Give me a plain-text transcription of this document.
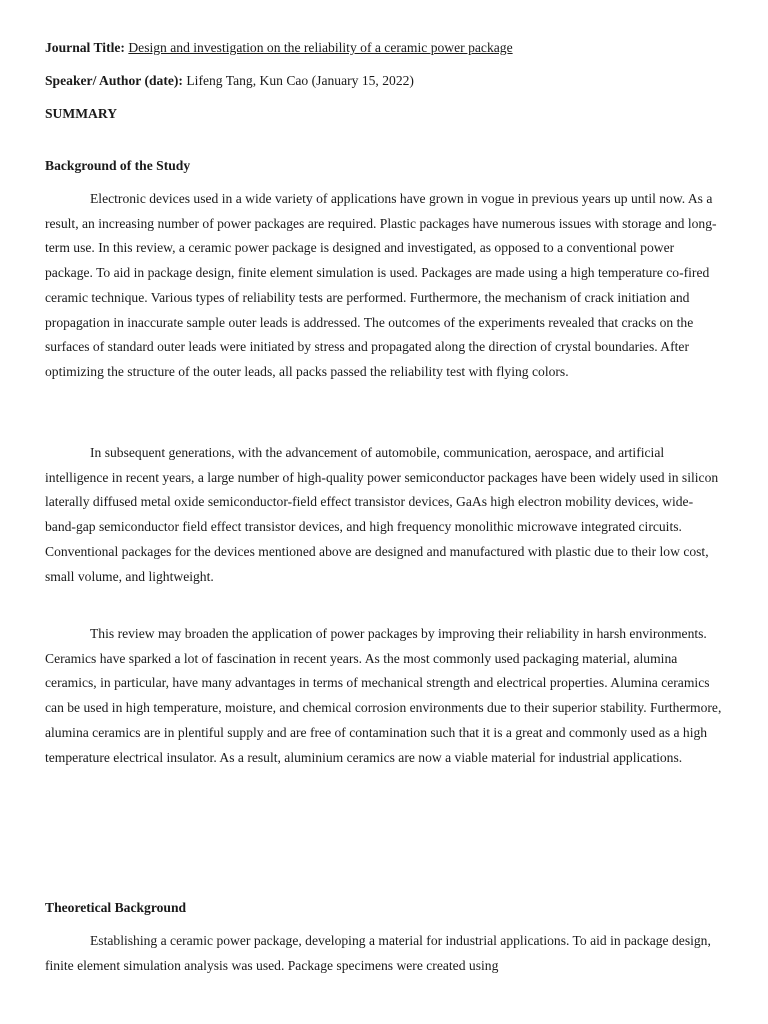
Journal Title: Design and investigation on the reliability of a ceramic power package
Speaker/ Author (date): Lifeng Tang, Kun Cao (January 15, 2022)
SUMMARY
Background of the Study

Electronic devices used in a wide variety of applications have grown in vogue in previous years up until now. As a result, an increasing number of power packages are required. Plastic packages have numerous issues with storage and long-term use. In this review, a ceramic power package is designed and investigated, as opposed to a conventional power package. To aid in package design, finite element simulation is used. Packages are made using a high temperature co-fired ceramic technique. Various types of reliability tests are performed. Furthermore, the mechanism of crack initiation and propagation in inaccurate sample outer leads is addressed. The outcomes of the experiments revealed that cracks on the surfaces of standard outer leads were initiated by stress and propagated along the direction of crystal boundaries. After optimizing the structure of the outer leads, all packs passed the reliability test with flying colors.

In subsequent generations, with the advancement of automobile, communication, aerospace, and artificial intelligence in recent years, a large number of high-quality power semiconductor packages have been widely used in silicon laterally diffused metal oxide semiconductor-field effect transistor devices, GaAs high electron mobility devices, wide-band-gap semiconductor field effect transistor devices, and high frequency monolithic microwave integrated circuits. Conventional packages for the devices mentioned above are designed and manufactured with plastic due to their low cost, small volume, and lightweight.

This review may broaden the application of power packages by improving their reliability in harsh environments. Ceramics have sparked a lot of fascination in recent years. As the most commonly used packaging material, alumina ceramics, in particular, have many advantages in terms of mechanical strength and electrical properties. Alumina ceramics can be used in high temperature, moisture, and chemical corrosion environments due to their superior stability. Furthermore, alumina ceramics are in plentiful supply and are free of contamination such that it is a great and commonly used as a high temperature electrical insulator. As a result, aluminium ceramics are now a viable material for industrial applications.

Theoretical Background

Establishing a ceramic power package, developing a material for industrial applications. To aid in package design, finite element simulation analysis was used. Package specimens were created using
